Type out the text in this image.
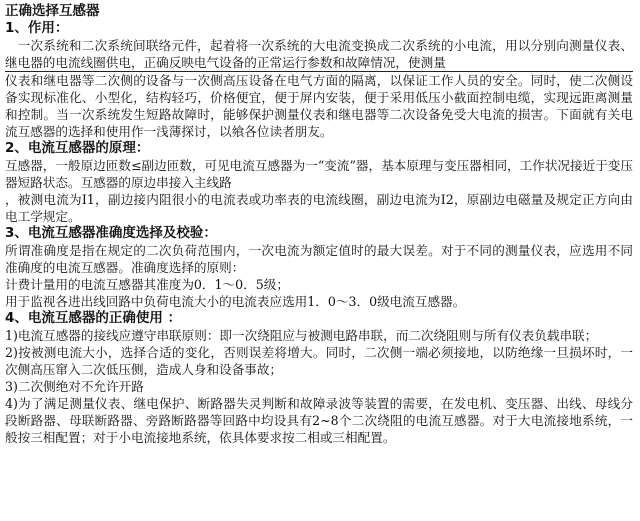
正确选择互感器
1、作用：
一次系统和二次系统间联络元件，起着将一次系统的大电流变换成二次系统的小电流，用以分别向测量仪表、继电器的电流线圈供电，正确反映电气设备的正常运行参数和故障情况，使测量
仪表和继电器等二次侧的设备与一次侧高压设备在电气方面的隔离，以保证工作人员的安全。同时，使二次侧设备实现标准化、小型化，结构轻巧，价格便宜，便于屏内安装，便于采用低压小截面控制电缆，实现远距离测量和控制。当一次系统发生短路故障时，能够保护测量仪表和继电器等二次设备免受大电流的损害。下面就有关电流互感器的选择和使用作一浅薄探讨，以飨各位读者朋友。
2、电流互感器的原理：
互感器，一般原边匝数≤副边匝数，可见电流互感器为一“变流”器，基本原理与变压器相同，工作状况接近于变压器短路状态。互感器的原边串接入主线路
，被测电流为I1，副边接内阻很小的电流表或功率表的电流线圈，副边电流为I2，原副边电磁量及规定正方向由电工学规定。
3、电流互感器准确度选择及校验：
所谓准确度是指在规定的二次负荷范围内，一次电流为额定值时的最大误差。对于不同的测量仪表，应选用不同准确度的电流互感器。准确度选择的原则：
计费计量用的电流互感器其准度为0．1～0．5级；
用于监视各进出线回路中负荷电流大小的电流表应选用1．0～3．0级电流互感器。
4、电流互感器的正确使用 ：
1)电流互感器的接线应遵守串联原则：即一次绕阻应与被测电路串联，而二次绕阻则与所有仪表负载串联；
2)按被测电流大小，选择合适的变化，否则误差将增大。同时，二次侧一端必须接地，以防绝缘一旦损坏时，一次侧高压窜入二次低压侧，造成人身和设备事故；
3)二次侧绝对不允许开路
4)为了满足测量仪表、继电保护、断路器失灵判断和故障录波等装置的需要，在发电机、变压器、出线、母线分段断路器、母联断路器、旁路断路器等回路中均设具有2~8个二次绕阻的电流互感器。对于大电流接地系统，一般按三相配置；对于小电流接地系统，依具体要求按二相或三相配置。
